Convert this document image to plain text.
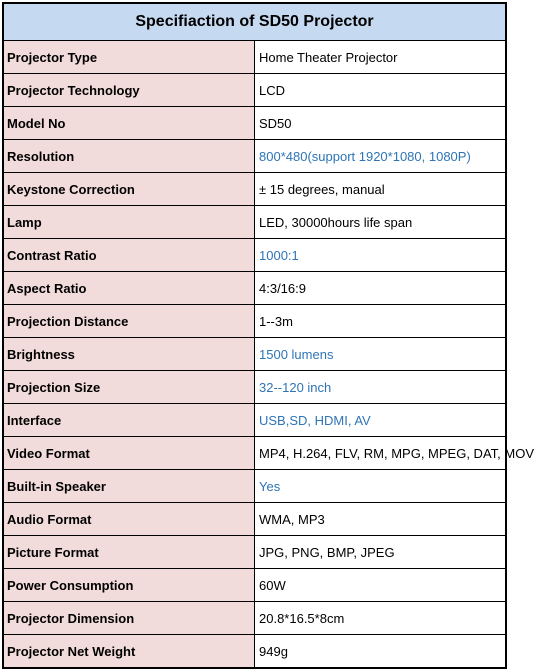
Specifiaction of SD50 Projector	
Projector Type	Home Theater Projector
Projector Technology	LCD
Model No	SD50
Resolution	800*480(support 1920*1080, 1080P)
Keystone Correction	± 15 degrees, manual
Lamp	LED, 30000hours life span
Contrast Ratio	1000:1
Aspect Ratio	4:3/16:9
Projection Distance	1--3m
Brightness	1500 lumens
Projection Size	32--120 inch
Interface	USB,SD, HDMI, AV
Video Format	MP4, H.264, FLV, RM, MPG, MPEG, DAT, MOV
Built-in Speaker	Yes
Audio Format	WMA, MP3
Picture Format	JPG, PNG, BMP, JPEG
Power Consumption	60W
Projector Dimension	20.8*16.5*8cm
Projector Net Weight	949g
